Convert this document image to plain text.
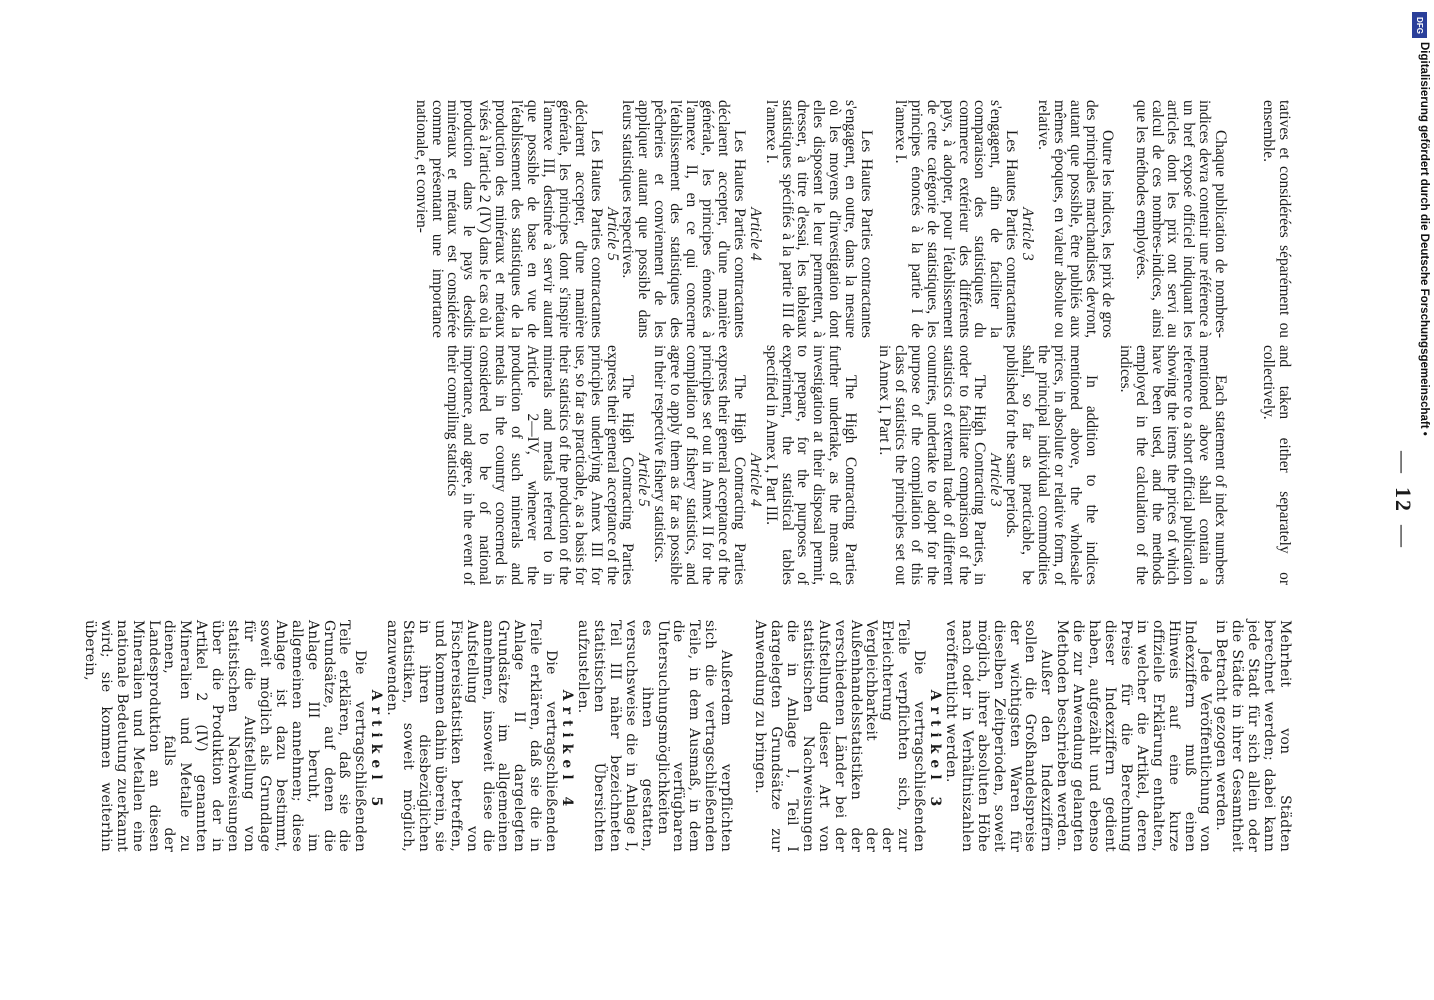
—12—

tatives et considérées séparément ou ensemble.

Chaque publication de nombres-indices devra contenir une référence à un bref exposé officiel indiquant les articles dont les prix ont servi au calcul de ces nombres-indices, ainsi que les méthodes employées.

Outre les indices, les prix de gros des principales marchandises devront, autant que possible, être publiés aux mêmes époques, en valeur absolue ou relative.

Article 3

Les Hautes Parties contractantes s'engagent, afin de faciliter la comparaison des statistiques du commerce extérieur des différents pays, à adopter, pour l'établissement de cette catégorie de statistiques, les principes énoncés à la partie I de l'annexe I.

Les Hautes Parties contractantes s'engagent, en outre, dans la mesure où les moyens d'investigation dont elles disposent le leur permettent, à dresser, à titre d'essai, les tableaux statistiques spécifiés à la partie III de l'annexe I.

Article 4

Les Hautes Parties contractantes déclarent accepter, d'une manière générale, les principes énoncés à l'annexe II, en ce qui concerne l'établissement des statistiques des pêcheries et conviennent de les appliquer autant que possible dans leurs statistiques respectives.

Article 5

Les Hautes Parties contractantes déclarent accepter, d'une manière générale, les principes dont s'inspire l'annexe III, destinée à servir autant que possible de base en vue de l'établissement des statistiques de la production des minéraux et métaux visés à l'article 2 (IV) dans le cas où la production dans le pays desdits minéraux et métaux est considérée comme présentant une importance nationale, et convien-

and taken either separately or collectively.

Each statement of index numbers mentioned above shall contain a reference to a short official publication showing the items the prices of which have been used, and the methods employed in the calculation of the indices.

In addition to the indices mentioned above, the wholesale prices, in absolute or relative form, of the principal individual commodities shall, so far as practicable, be published for the same periods.

Article 3

The High Contracting Parties, in order to facilitate comparison of the statistics of external trade of different countries, undertake to adopt for the purpose of the compilation of this class of statistics the principles set out in Annex I, Part I.

The High Contracting Parties further undertake, as the means of investigation at their disposal permit, to prepare, for the purposes of experiment, the statistical tables specified in Annex I, Part III.

Article 4

The High Contracting Parties express their general acceptance of the principles set out in Annex II for the compilation of fishery statistics, and agree to apply them as far as possible in their respective fishery statistics.

Article 5

The High Contracting Parties express their general acceptance of the principles underlying Annex III for use, so far as practicable, as a basis for their statistics of the production of the minerals and metals referred to in Article 2—IV, whenever the production of such minerals and metals in the country concerned is considered to be of national importance, and agree, in the event of their compiling statistics

Mehrheit von Städten berechnet werden; dabei kann jede Stadt für sich allein oder die Städte in ihrer Gesamtheit in Betracht gezogen werden.

Jede Veröffentlichung von Indexziffern muß einen Hinweis auf eine kurze offizielle Erklärung enthalten, in welcher die Artikel, deren Preise für die Berechnung dieser Indexziffern gedient haben, aufgezählt und ebenso die zur Anwendung gelangten Methoden beschrieben werden.

Außer den Indexziffern sollen die Großhandelspreise der wichtigsten Waren für dieselben Zeitperioden, soweit möglich, ihrer absoluten Höhe nach oder in Verhältniszahlen veröffentlicht werden.

Artikel 3

Die vertragschließenden Teile verpflichten sich, zur Erleichterung der Vergleichbarkeit der Außenhandelsstatistiken der verschiedenen Länder bei der Aufstellung dieser Art von statistischen Nachweisungen die in Anlage I, Teil I dargelegten Grundsätze zur Anwendung zu bringen.

Außerdem verpflichten sich die vertragschließenden Teile, in dem Ausmaß, in dem die verfügbaren Untersuchungsmöglichkeiten es ihnen gestatten, versuchsweise die in Anlage I, Teil III näher bezeichneten statistischen Übersichten aufzustellen.

Artikel 4

Die vertragschließenden Teile erklären, daß sie die in Anlage II dargelegten Grundsätze im allgemeinen annehmen, insoweit diese die Aufstellung von Fischereistatistiken betreffen, und kommen dahin überein, sie in ihren diesbezüglichen Statistiken, soweit möglich, anzuwenden.

Artikel 5

Die vertragschließenden Teile erklären, daß sie die Grundsätze, auf denen die Anlage III beruht, im allgemeinen annehmen; diese Anlage ist dazu bestimmt, soweit möglich als Grundlage für die Aufstellung von statistischen Nachweisungen über die Produktion der in Artikel 2 (IV) genannten Mineralien und Metalle zu dienen, falls der Landesproduktion an diesen Mineralien und Metallen eine nationale Bedeutung zuerkannt wird; sie kommen weiterhin überein,

DFG
Digitalisierung gefördert durch die Deutsche Forschungsgemeinschaft •
